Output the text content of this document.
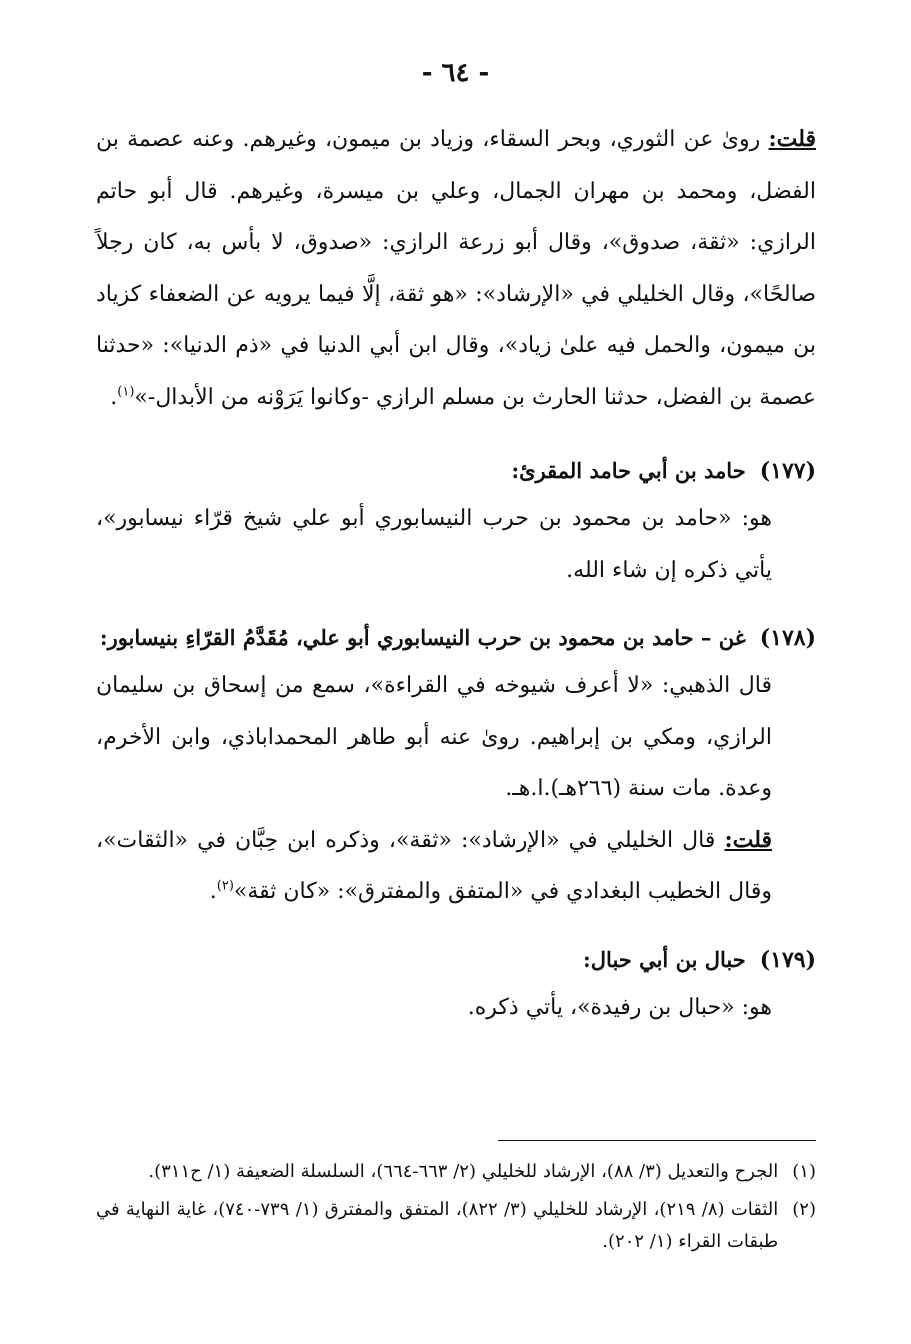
- ٦٤ -

قلت: روىٰ عن الثوري، وبحر السقاء، وزياد بن ميمون، وغيرهم. وعنه عصمة بن الفضل، ومحمد بن مهران الجمال، وعلي بن ميسرة، وغيرهم. قال أبو حاتم الرازي: «ثقة، صدوق»، وقال أبو زرعة الرازي: «صدوق، لا بأس به، كان رجلاً صالحًا»، وقال الخليلي في «الإرشاد»: «هو ثقة، إلَّا فيما يرويه عن الضعفاء كزياد بن ميمون، والحمل فيه علىٰ زياد»، وقال ابن أبي الدنيا في «ذم الدنيا»: «حدثنا عصمة بن الفضل، حدثنا الحارث بن مسلم الرازي -وكانوا يَرَوْنه من الأبدال-»$^{(١)}$.

(١٧٧)
حامد بن أبي حامد المقرئ:

هو: «حامد بن محمود بن حرب النيسابوري أبو علي شيخ قرّاء نيسابور»، يأتي ذكره إن شاء الله.

(١٧٨)
غن – حامد بن محمود بن حرب النيسابوري أبو علي، مُقَدَّمُ القرّاءِ بنيسابور:

قال الذهبي: «لا أعرف شيوخه في القراءة»، سمع من إسحاق بن سليمان الرازي، ومكي بن إبراهيم. روىٰ عنه أبو طاهر المحمداباذي، وابن الأخرم، وعدة. مات سنة (٢٦٦هـ).ا.هـ.

قلت: قال الخليلي في «الإرشاد»: «ثقة»، وذكره ابن حِبَّان في «الثقات»، وقال الخطيب البغدادي في «المتفق والمفترق»: «كان ثقة»$^{(٢)}$.

(١٧٩)
حبال بن أبي حبال:

هو: «حبال بن رفيدة»، يأتي ذكره.

(١)
الجرح والتعديل (٣/ ٨٨)، الإرشاد للخليلي (٢/ ٦٦٣-٦٦٤)، السلسلة الضعيفة (١/ ح٣١١).

(٢)
الثقات (٨/ ٢١٩)، الإرشاد للخليلي (٣/ ٨٢٢)، المتفق والمفترق (١/ ٧٣٩-٧٤٠)، غاية النهاية في طبقات القراء (١/ ٢٠٢).
